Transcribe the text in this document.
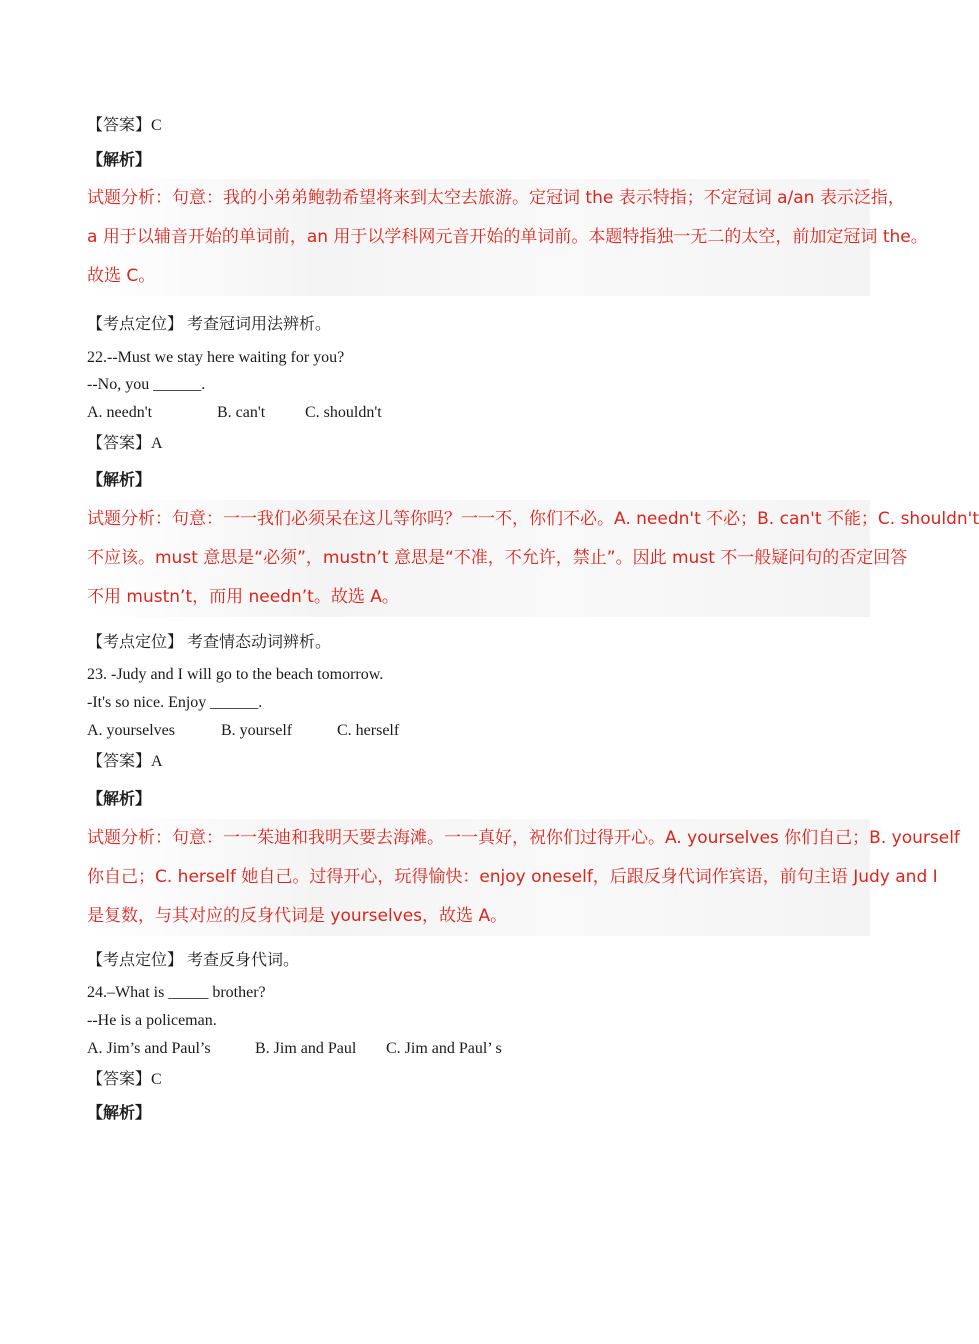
【答案】C
【解析】

试题分析：句意：我的小弟弟鲍勃希望将来到太空去旅游。定冠词 the 表示特指；不定冠词 a/an 表示泛指，

a 用于以辅音开始的单词前，an 用于以学科网元音开始的单词前。本题特指独一无二的太空，前加定冠词 the。

故选 C。

【考点定位】 考查冠词用法辨析。
22.--Must we stay here waiting for you?
--No, you ______.
A. needn't	B. can't C. shouldn't
【答案】A
【解析】

试题分析：句意：一一我们必须呆在这儿等你吗？一一不，你们不必。A. needn't 不必；B. can't 不能；C. shouldn't

不应该。must 意思是“必须”，mustn’t 意思是“不准，不允许，禁止”。因此 must 不一般疑问句的否定回答

不用 mustn’t，而用 needn’t。故选 A。

【考点定位】 考查情态动词辨析。
23. -Judy and I will go to the beach tomorrow.
-It's so nice. Enjoy ______.
A. yourselves	B. yourself	C. herself
【答案】A
【解析】

试题分析：句意：一一茱迪和我明天要去海滩。一一真好，祝你们过得开心。A. yourselves 你们自己；B. yourself

你自己；C. herself 她自己。过得开心，玩得愉快：enjoy oneself，后跟反身代词作宾语，前句主语 Judy and I

是复数，与其对应的反身代词是 yourselves，故选 A。

【考点定位】 考查反身代词。
24.–What is _____ brother?
--He is a policeman.
A. Jim’s and Paul’s	B. Jim and Paul C. Jim and Paul’ s
【答案】C
【解析】
